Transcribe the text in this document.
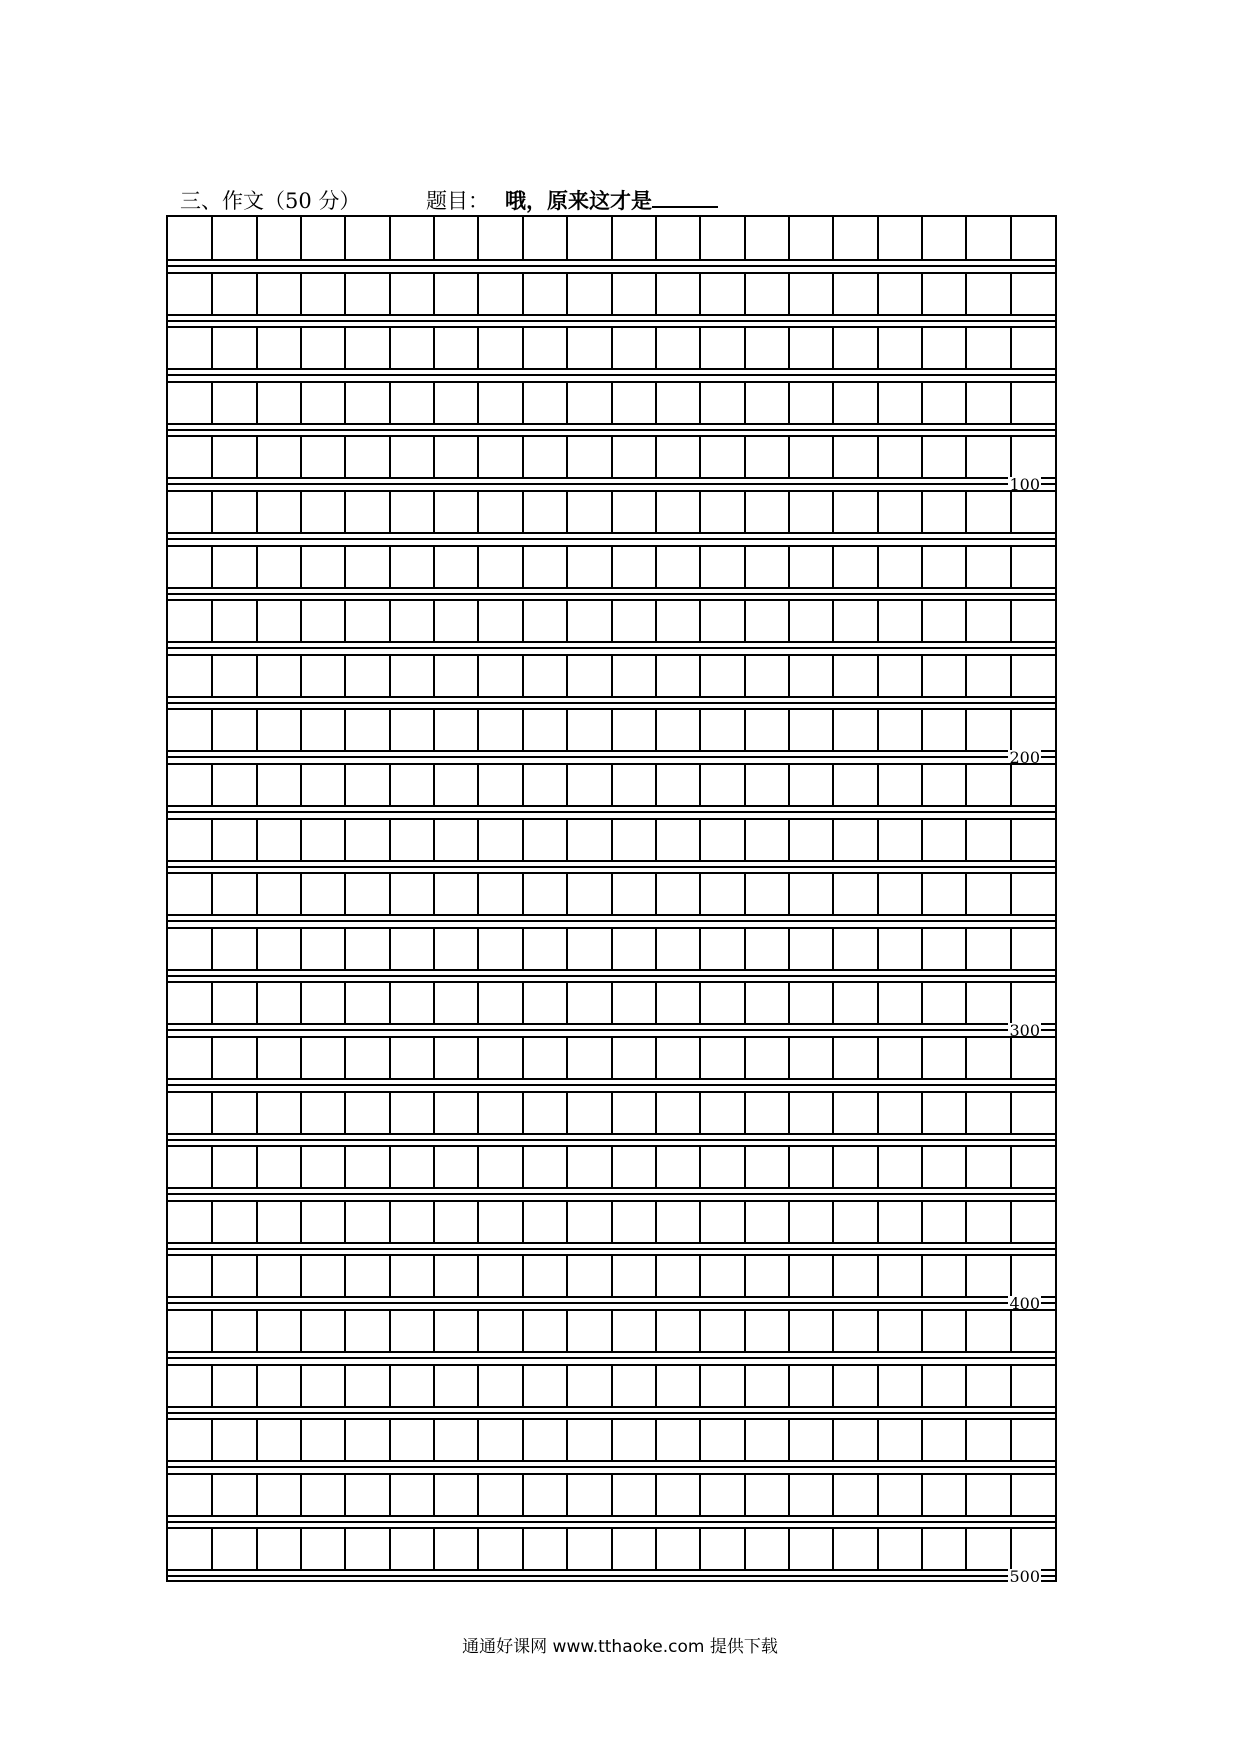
三、作文（50 分）	题目： 哦，原来这才是
100
200
300
400
500
通通好课网 www.tthaoke.com 提供下载
